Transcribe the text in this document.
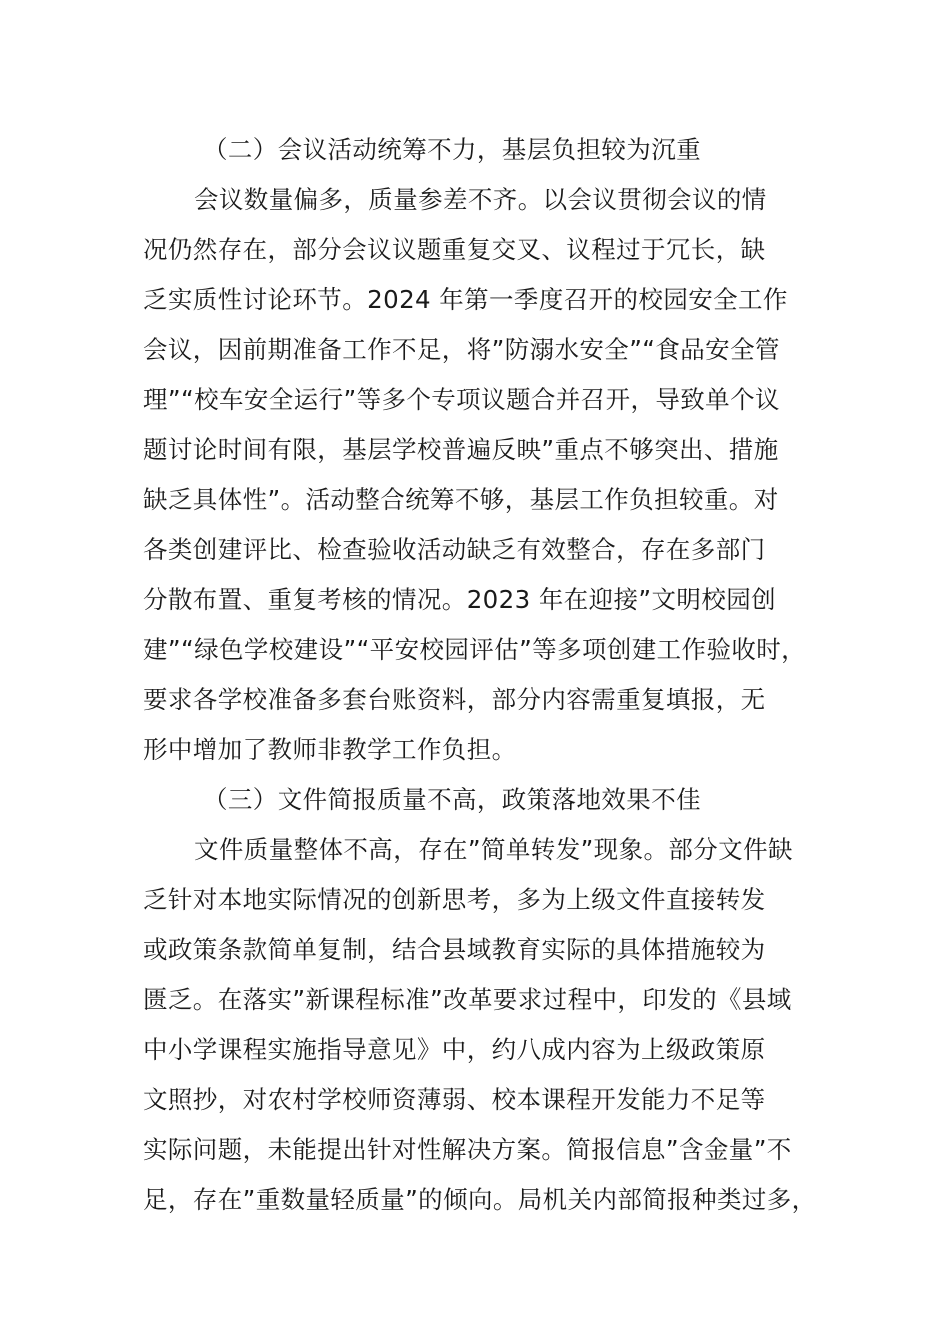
（二）会议活动统筹不力，基层负担较为沉重
会议数量偏多，质量参差不齐。以会议贯彻会议的情
况仍然存在，部分会议议题重复交叉、议程过于冗长，缺
乏实质性讨论环节。2024 年第一季度召开的校园安全工作
会议，因前期准备工作不足，将”防溺水安全”“食品安全管
理”“校车安全运行”等多个专项议题合并召开，导致单个议
题讨论时间有限，基层学校普遍反映”重点不够突出、措施
缺乏具体性”。活动整合统筹不够，基层工作负担较重。对
各类创建评比、检查验收活动缺乏有效整合，存在多部门
分散布置、重复考核的情况。2023 年在迎接”文明校园创
建”“绿色学校建设”“平安校园评估”等多项创建工作验收时，
要求各学校准备多套台账资料，部分内容需重复填报，无
形中增加了教师非教学工作负担。
（三）文件简报质量不高，政策落地效果不佳
文件质量整体不高，存在”简单转发”现象。部分文件缺
乏针对本地实际情况的创新思考，多为上级文件直接转发
或政策条款简单复制，结合县域教育实际的具体措施较为
匮乏。在落实”新课程标准”改革要求过程中，印发的《县域
中小学课程实施指导意见》中，约八成内容为上级政策原
文照抄，对农村学校师资薄弱、校本课程开发能力不足等
实际问题，未能提出针对性解决方案。简报信息”含金量”不
足，存在”重数量轻质量”的倾向。局机关内部简报种类过多，
